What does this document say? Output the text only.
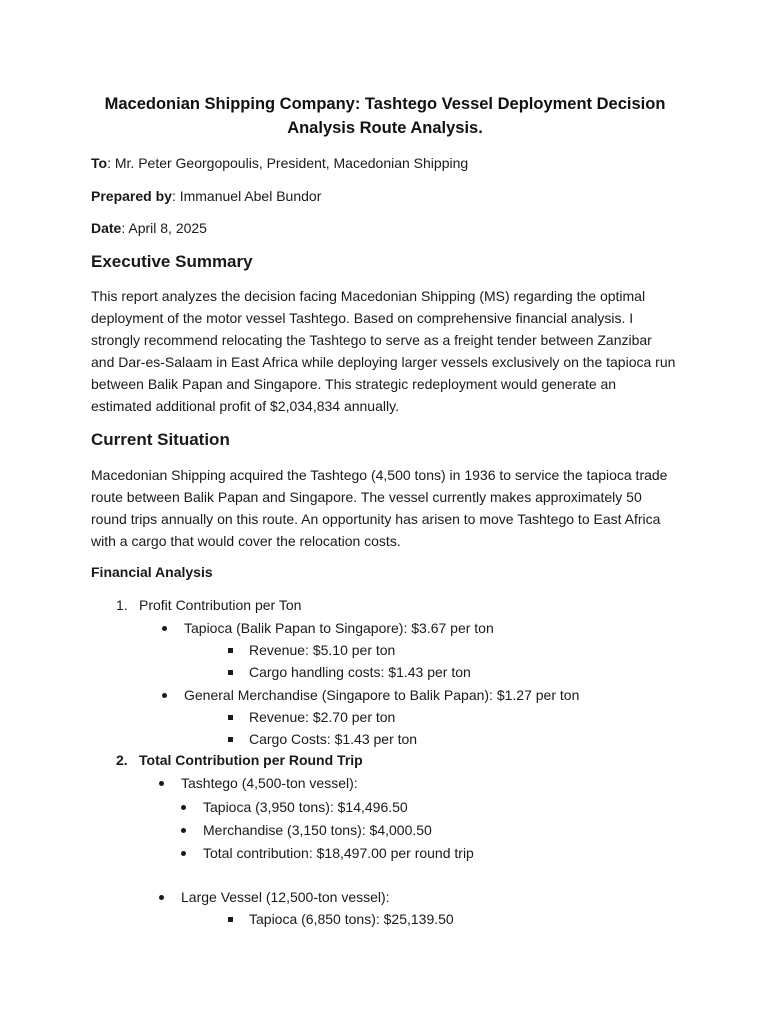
Macedonian Shipping Company: Tashtego Vessel Deployment Decision Analysis Route Analysis.
To: Mr. Peter Georgopoulis, President, Macedonian Shipping
Prepared by: Immanuel Abel Bundor
Date: April 8, 2025
Executive Summary
This report analyzes the decision facing Macedonian Shipping (MS) regarding the optimal deployment of the motor vessel Tashtego. Based on comprehensive financial analysis. I strongly recommend relocating the Tashtego to serve as a freight tender between Zanzibar and Dar-es-Salaam in East Africa while deploying larger vessels exclusively on the tapioca run between Balik Papan and Singapore. This strategic redeployment would generate an estimated additional profit of $2,034,834 annually.
Current Situation
Macedonian Shipping acquired the Tashtego (4,500 tons) in 1936 to service the tapioca trade route between Balik Papan and Singapore. The vessel currently makes approximately 50 round trips annually on this route. An opportunity has arisen to move Tashtego to East Africa with a cargo that would cover the relocation costs.
Financial Analysis
1. Profit Contribution per Ton
Tapioca (Balik Papan to Singapore): $3.67 per ton
Revenue: $5.10 per ton
Cargo handling costs: $1.43 per ton
General Merchandise (Singapore to Balik Papan): $1.27 per ton
Revenue: $2.70 per ton
Cargo Costs: $1.43 per ton
2. Total Contribution per Round Trip
Tashtego (4,500-ton vessel):
Tapioca (3,950 tons): $14,496.50
Merchandise (3,150 tons): $4,000.50
Total contribution: $18,497.00 per round trip
Large Vessel (12,500-ton vessel):
Tapioca (6,850 tons): $25,139.50
